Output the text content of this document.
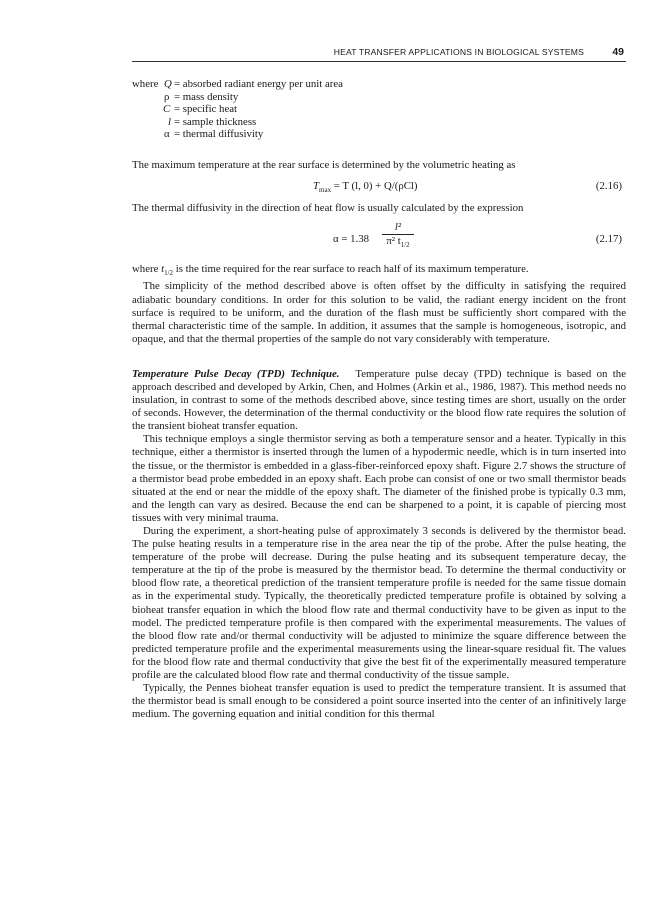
HEAT TRANSFER APPLICATIONS IN BIOLOGICAL SYSTEMS	49
where Q = absorbed radiant energy per unit area
ρ = mass density
C = specific heat
l = sample thickness
α = thermal diffusivity

The maximum temperature at the rear surface is determined by the volumetric heating as

$T_{max} = T$ (l, 0) + Q/(ρCl)	(2.16)

The thermal diffusivity in the direction of heat flow is usually calculated by the expression

α = 1.38
l²
π² $t_{1/2}$
(2.17)

where $t_{1/2}$ is the time required for the rear surface to reach half of its maximum temperature.

The simplicity of the method described above is often offset by the difficulty in satisfying the required adiabatic boundary conditions. In order for this solution to be valid, the radiant energy incident on the front surface is required to be uniform, and the duration of the flash must be sufficiently short compared with the thermal characteristic time of the sample. In addition, it assumes that the sample is homogeneous, isotropic, and opaque, and that the thermal properties of the sample do not vary considerably with temperature.

Temperature Pulse Decay (TPD) Technique. Temperature pulse decay (TPD) technique is based on the approach described and developed by Arkin, Chen, and Holmes (Arkin et al., 1986, 1987). This method needs no insulation, in contrast to some of the methods described above, since testing times are short, usually on the order of seconds. However, the determination of the thermal conductivity or the blood flow rate requires the solution of the transient bioheat transfer equation.

This technique employs a single thermistor serving as both a temperature sensor and a heater. Typically in this technique, either a thermistor is inserted through the lumen of a hypodermic needle, which is in turn inserted into the tissue, or the thermistor is embedded in a glass-fiber-reinforced epoxy shaft. Figure 2.7 shows the structure of a thermistor bead probe embedded in an epoxy shaft. Each probe can consist of one or two small thermistor beads situated at the end or near the middle of the epoxy shaft. The diameter of the finished probe is typically 0.3 mm, and the length can vary as desired. Because the end can be sharpened to a point, it is capable of piercing most tissues with very minimal trauma.

During the experiment, a short-heating pulse of approximately 3 seconds is delivered by the thermistor bead. The pulse heating results in a temperature rise in the area near the tip of the probe. After the pulse heating, the temperature of the probe will decrease. During the pulse heating and its subsequent temperature decay, the temperature at the tip of the probe is measured by the thermistor bead. To determine the thermal conductivity or blood flow rate, a theoretical prediction of the transient temperature profile is needed for the same tissue domain as in the experimental study. Typically, the theoretically predicted temperature profile is obtained by solving a bioheat transfer equation in which the blood flow rate and thermal conductivity have to be given as input to the model. The predicted temperature profile is then compared with the experimental measurements. The values of the blood flow rate and/or thermal conductivity will be adjusted to minimize the square difference between the predicted temperature profile and the experimental measurements using the linear-square residual fit. The values for the blood flow rate and thermal conductivity that give the best fit of the experimentally measured temperature profile are the calculated blood flow rate and thermal conductivity of the tissue sample.

Typically, the Pennes bioheat transfer equation is used to predict the temperature transient. It is assumed that the thermistor bead is small enough to be considered a point source inserted into the center of an infinitively large medium. The governing equation and initial condition for this thermal
